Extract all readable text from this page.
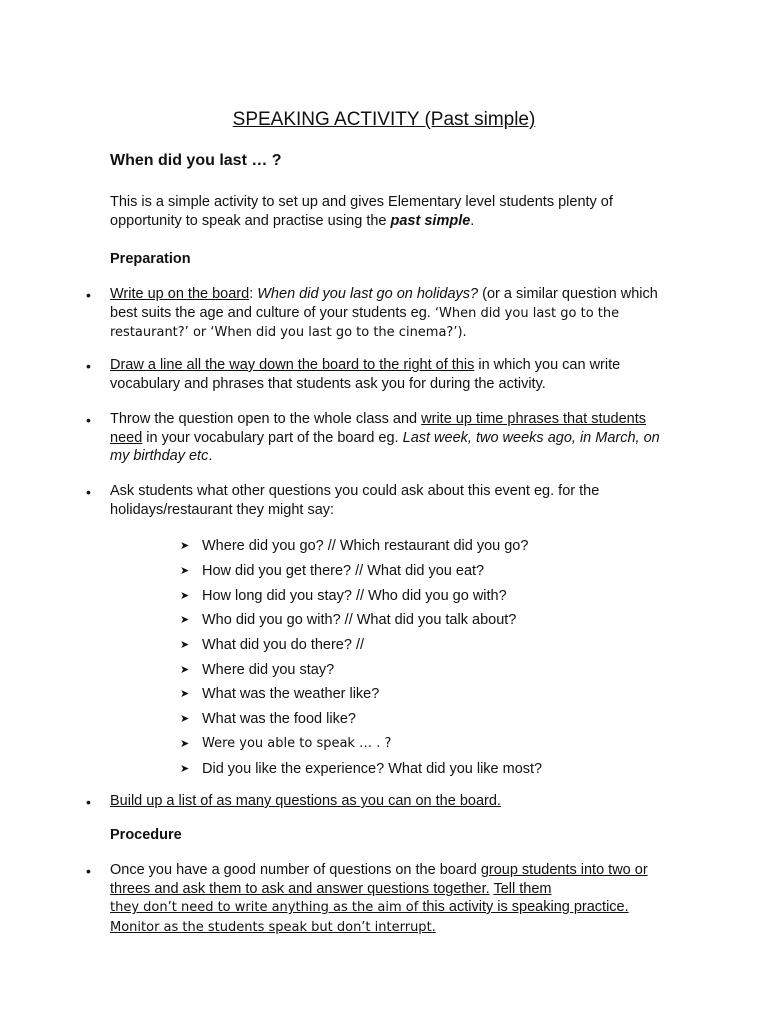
SPEAKING ACTIVITY (Past simple)
When did you last … ?
This is a simple activity to set up and gives Elementary level students plenty of opportunity to speak and practise using the past simple.
Preparation
• Write up on the board: When did you last go on holidays? (or a similar question which best suits the age and culture of your students eg. ‘When did you last go to the restaurant?’ or ‘When did you last go to the cinema?’).
• Draw a line all the way down the board to the right of this in which you can write vocabulary and phrases that students ask you for during the activity.
• Throw the question open to the whole class and write up time phrases that students need in your vocabulary part of the board eg. Last week, two weeks ago, in March, on my birthday etc.
• Ask students what other questions you could ask about this event eg. for the holidays/restaurant they might say:
➤ Where did you go? // Which restaurant did you go?
➤ How did you get there? // What did you eat?
➤ How long did you stay? // Who did you go with?
➤ Who did you go with? // What did you talk about?
➤ What did you do there? //
➤ Where did you stay?
➤ What was the weather like?
➤ What was the food like?
➤ Were you able to speak … . ?
➤ Did you like the experience? What did you like most?
• Build up a list of as many questions as you can on the board.
Procedure
• Once you have a good number of questions on the board group students into two or threes and ask them to ask and answer questions together. Tell them
they don’t need to write anything as the aim of this activity is speaking practice.
Monitor as the students speak but don’t interrupt.
